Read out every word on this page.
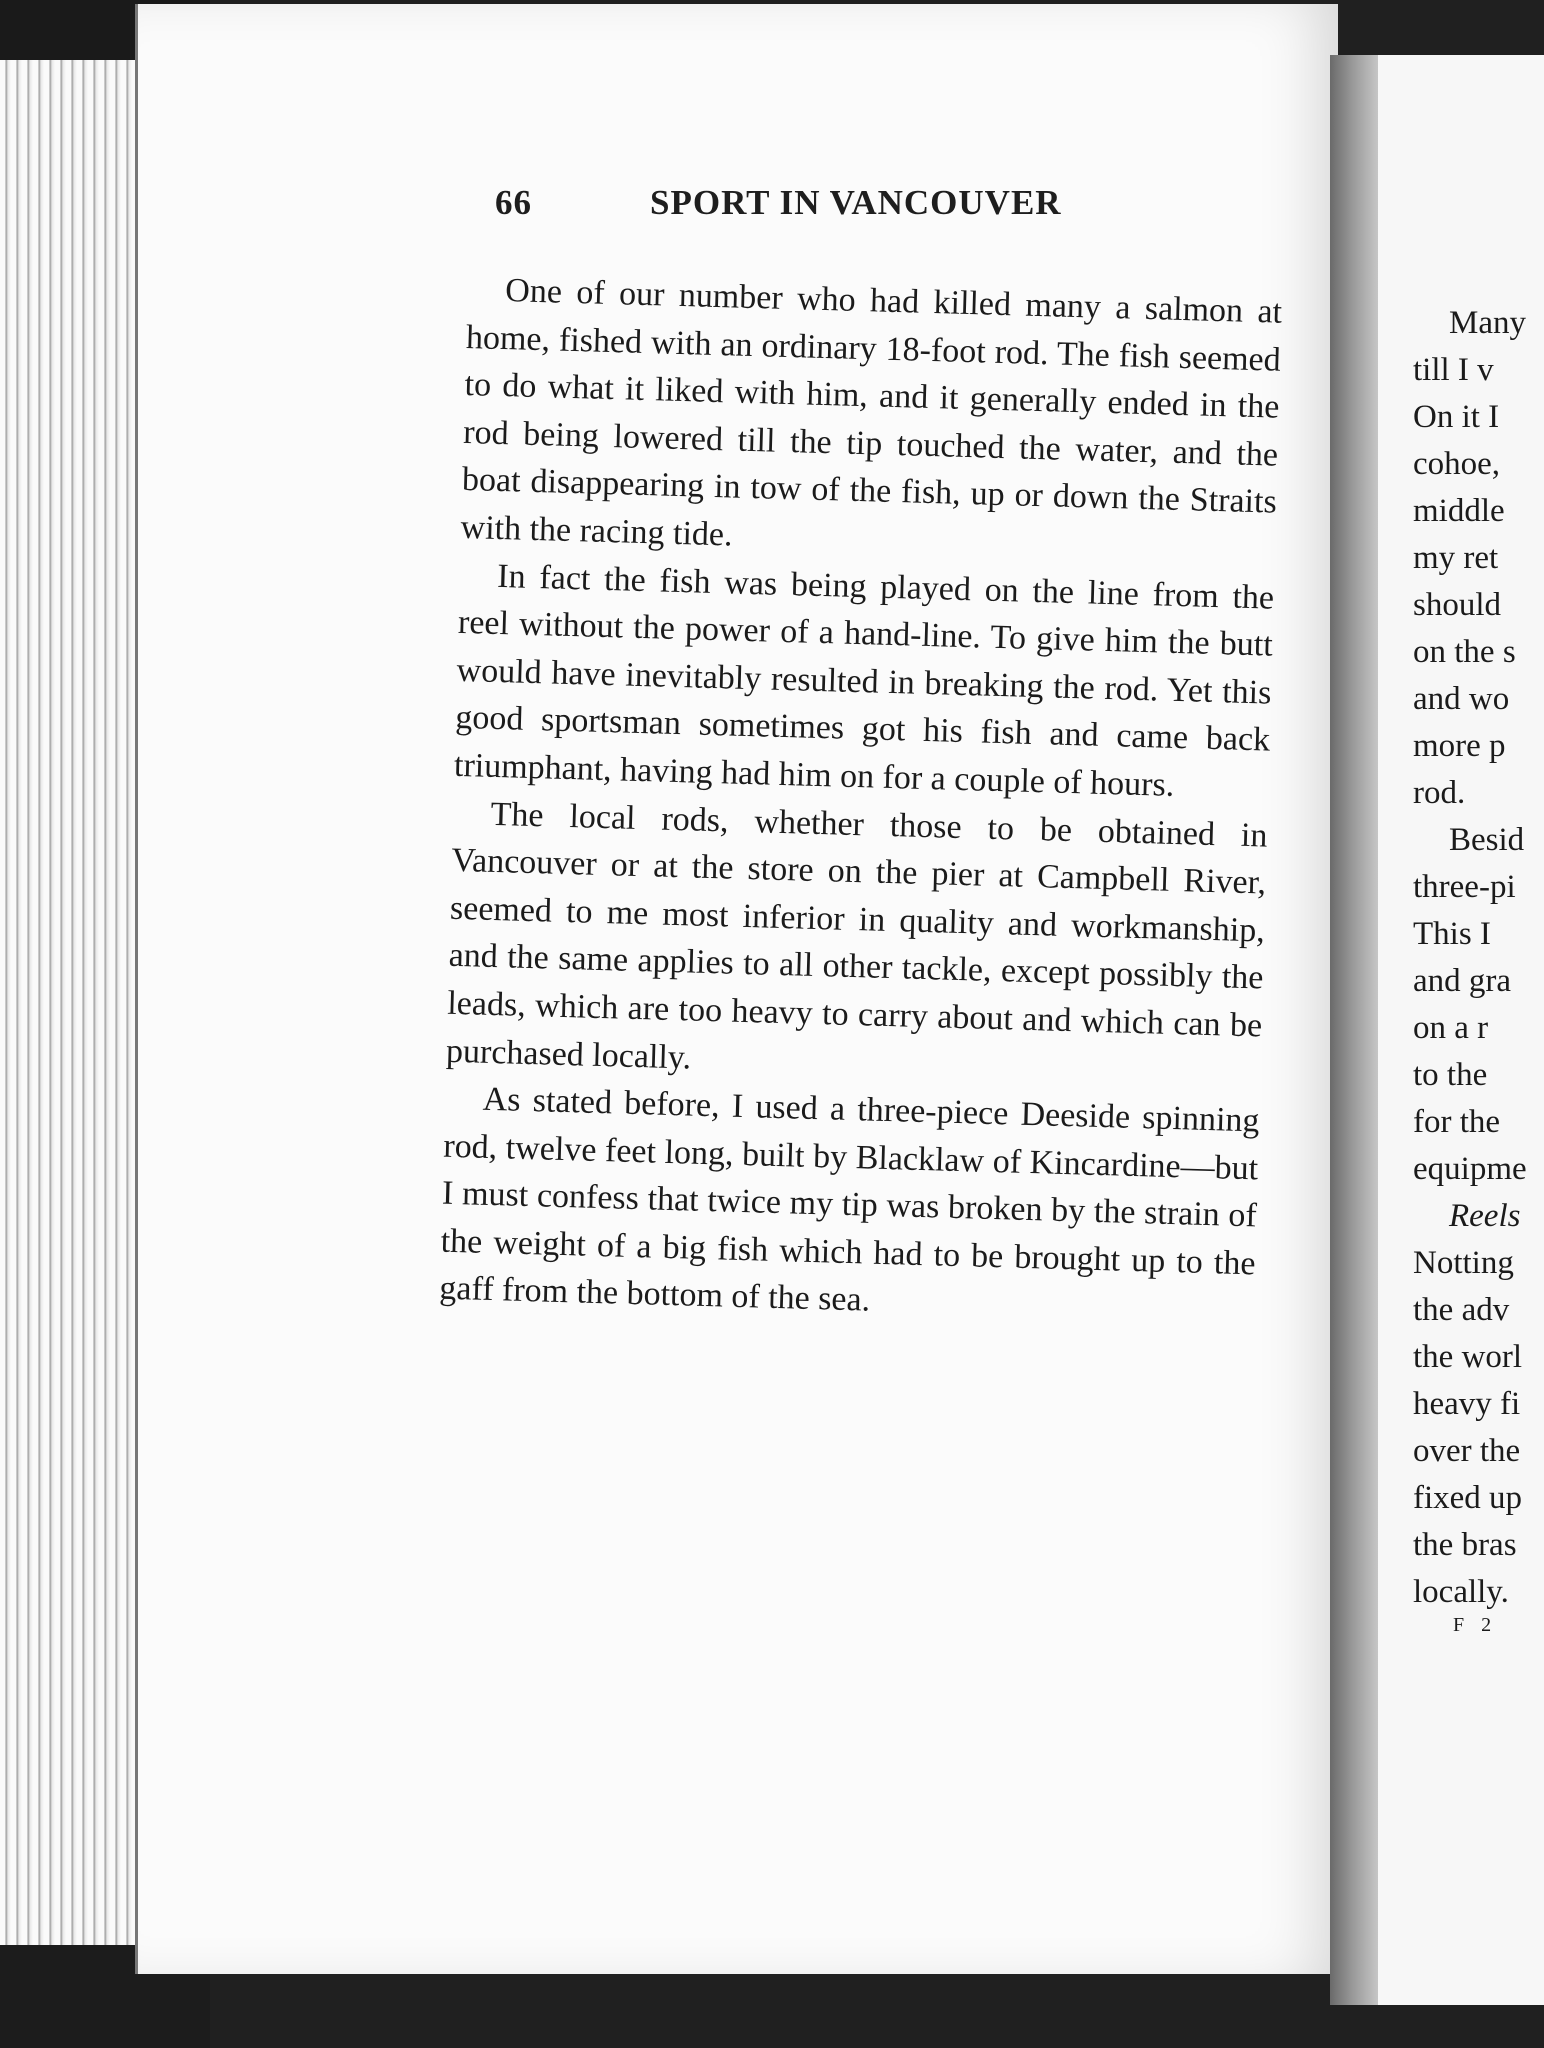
66	SPORT IN VANCOUVER

One of our number who had killed many a salmon at home, fished with an ordinary 18-foot rod. The fish seemed to do what it liked with him, and it generally ended in the rod being lowered till the tip touched the water, and the boat disappearing in tow of the fish, up or down the Straits with the racing tide.

In fact the fish was being played on the line from the reel without the power of a hand-line. To give him the butt would have inevitably resulted in breaking the rod. Yet this good sportsman sometimes got his fish and came back triumphant, having had him on for a couple of hours.

The local rods, whether those to be obtained in Vancouver or at the store on the pier at Campbell River, seemed to me most inferior in quality and workmanship, and the same applies to all other tackle, except possibly the leads, which are too heavy to carry about and which can be purchased locally.

As stated before, I used a three-piece Deeside spinning rod, twelve feet long, built by Blacklaw of Kincardine—but I must confess that twice my tip was broken by the strain of the weight of a big fish which had to be brought up to the gaff from the bottom of the sea.

Many
till I v
On it I
cohoe,
middle
my ret
should
on the s
and wo
more p
rod.
Besid
three-pi
This I
and gra
on a r
to the
for the
equipme
Reels
Notting
the adv
the worl
heavy fi
over the
fixed up
the bras
locally.
F 2
